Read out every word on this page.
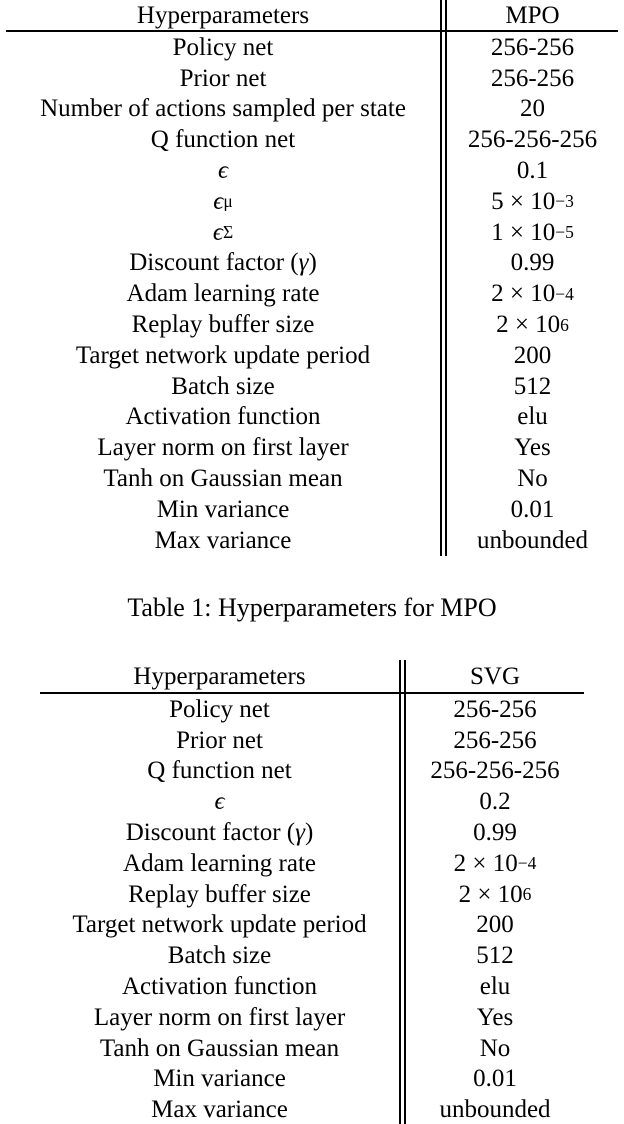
Hyperparameters	MPO
Policy net	256-256
Prior net	256-256
Number of actions sampled per state	20
Q function net	256-256-256
ϵ	0.1
ϵ μ	5 × 10 −3
ϵ Σ	1 × 10 −5
Discount factor ( γ )	0.99
Adam learning rate	2 × 10 −4
Replay buffer size	2 × 10 6
Target network update period	200
Batch size	512
Activation function	elu
Layer norm on first layer	Yes
Tanh on Gaussian mean	No
Min variance	0.01
Max variance	unbounded
Table 1: Hyperparameters for MPO
Hyperparameters	SVG
Policy net	256-256
Prior net	256-256
Q function net	256-256-256
ϵ	0.2
Discount factor ( γ )	0.99
Adam learning rate	2 × 10 −4
Replay buffer size	2 × 10 6
Target network update period	200
Batch size	512
Activation function	elu
Layer norm on first layer	Yes
Tanh on Gaussian mean	No
Min variance	0.01
Max variance	unbounded
